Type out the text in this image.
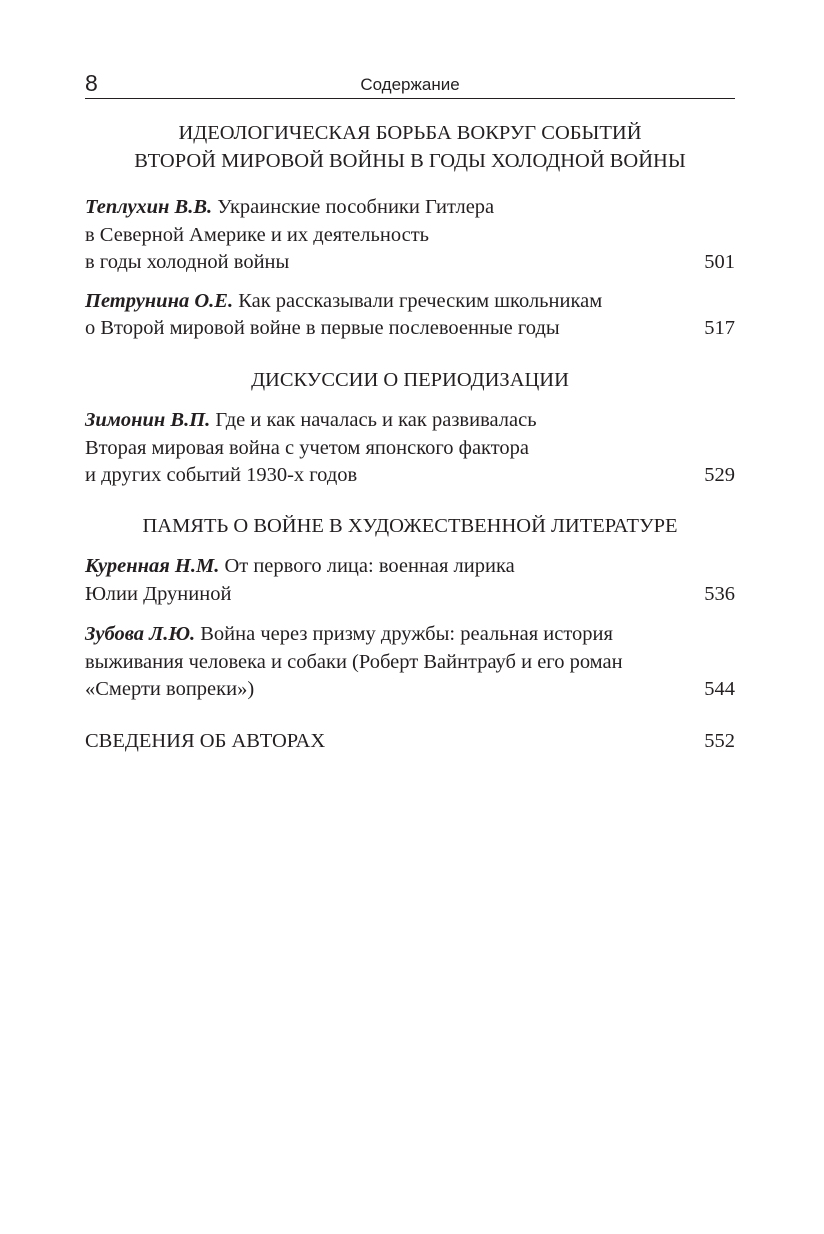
8	Содержание
ИДЕОЛОГИЧЕСКАЯ БОРЬБА ВОКРУГ СОБЫТИЙ
ВТОРОЙ МИРОВОЙ ВОЙНЫ В ГОДЫ ХОЛОДНОЙ ВОЙНЫ
Теплухин В.В. Украинские пособники Гитлера
в Северной Америке и их деятельность
в годы холодной войны	501
Петрунина О.Е. Как рассказывали греческим школьникам
о Второй мировой войне в первые послевоенные годы	517
ДИСКУССИИ О ПЕРИОДИЗАЦИИ
Зимонин В.П. Где и как началась и как развивалась
Вторая мировая война с учетом японского фактора
и других событий 1930-х годов	529
ПАМЯТЬ О ВОЙНЕ В ХУДОЖЕСТВЕННОЙ ЛИТЕРАТУРЕ
Куренная Н.М. От первого лица: военная лирика
Юлии Друниной	536
Зубова Л.Ю. Война через призму дружбы: реальная история
выживания человека и собаки (Роберт Вайнтрауб и его роман
«Смерти вопреки»)	544
СВЕДЕНИЯ ОБ АВТОРАХ	552
